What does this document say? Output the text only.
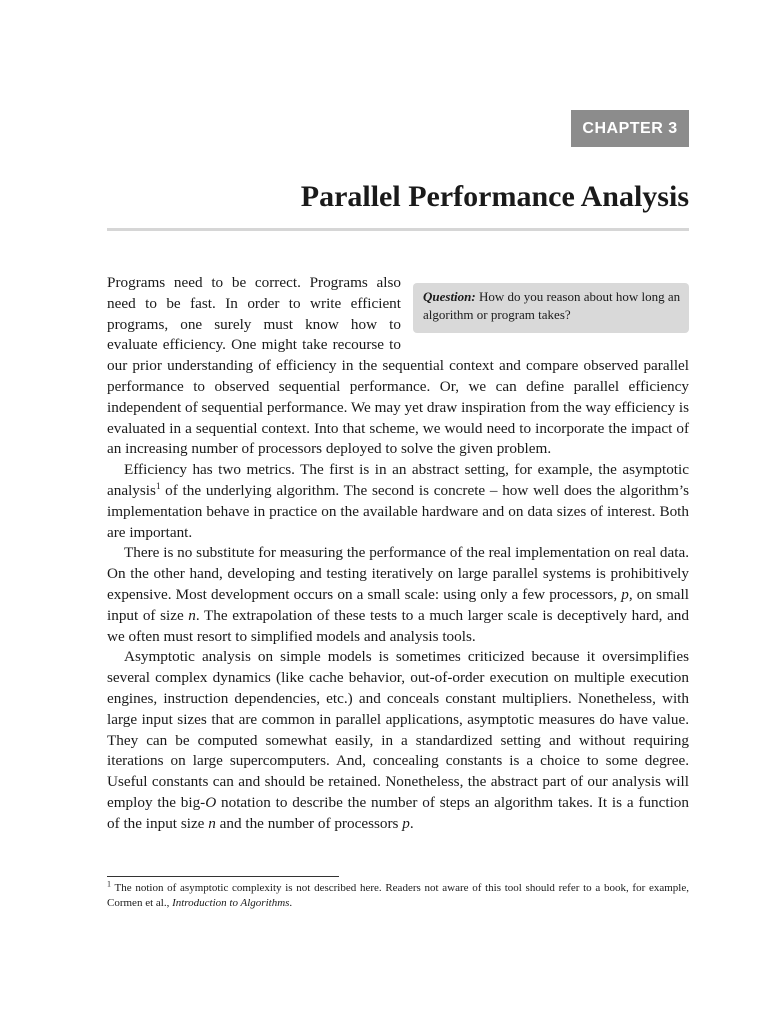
CHAPTER 3
Parallel Performance Analysis

Question: How do you reason about how long an algorithm or program takes?
Programs need to be correct. Programs also need to be fast. In order to write efficient programs, one surely must know how to evaluate efficiency. One might take recourse to our prior understanding of efficiency in the sequential context and compare observed parallel performance to observed sequential performance. Or, we can define parallel efficiency independent of sequential performance. We may yet draw inspiration from the way efficiency is evaluated in a sequential context. Into that scheme, we would need to incorporate the impact of an increasing number of processors deployed to solve the given problem.

Efficiency has two metrics. The first is in an abstract setting, for example, the asymptotic analysis$^1$ of the underlying algorithm. The second is concrete – how well does the algorithm’s implementation behave in practice on the available hardware and on data sizes of interest. Both are important.

There is no substitute for measuring the performance of the real implementation on real data. On the other hand, developing and testing iteratively on large parallel systems is prohibitively expensive. Most development occurs on a small scale: using only a few processors, p, on small input of size n. The extrapolation of these tests to a much larger scale is deceptively hard, and we often must resort to simplified models and analysis tools.

Asymptotic analysis on simple models is sometimes criticized because it oversimplifies several complex dynamics (like cache behavior, out-of-order execution on multiple execution engines, instruction dependencies, etc.) and conceals constant multipliers. Nonetheless, with large input sizes that are common in parallel applications, asymptotic measures do have value. They can be computed somewhat easily, in a standardized setting and without requiring iterations on large supercomputers. And, concealing constants is a choice to some degree. Useful constants can and should be retained. Nonetheless, the abstract part of our analysis will employ the big-O notation to describe the number of steps an algorithm takes. It is a function of the input size n and the number of processors p.

$^1$ The notion of asymptotic complexity is not described here. Readers not aware of this tool should refer to a book, for example, Cormen et al., Introduction to Algorithms.
